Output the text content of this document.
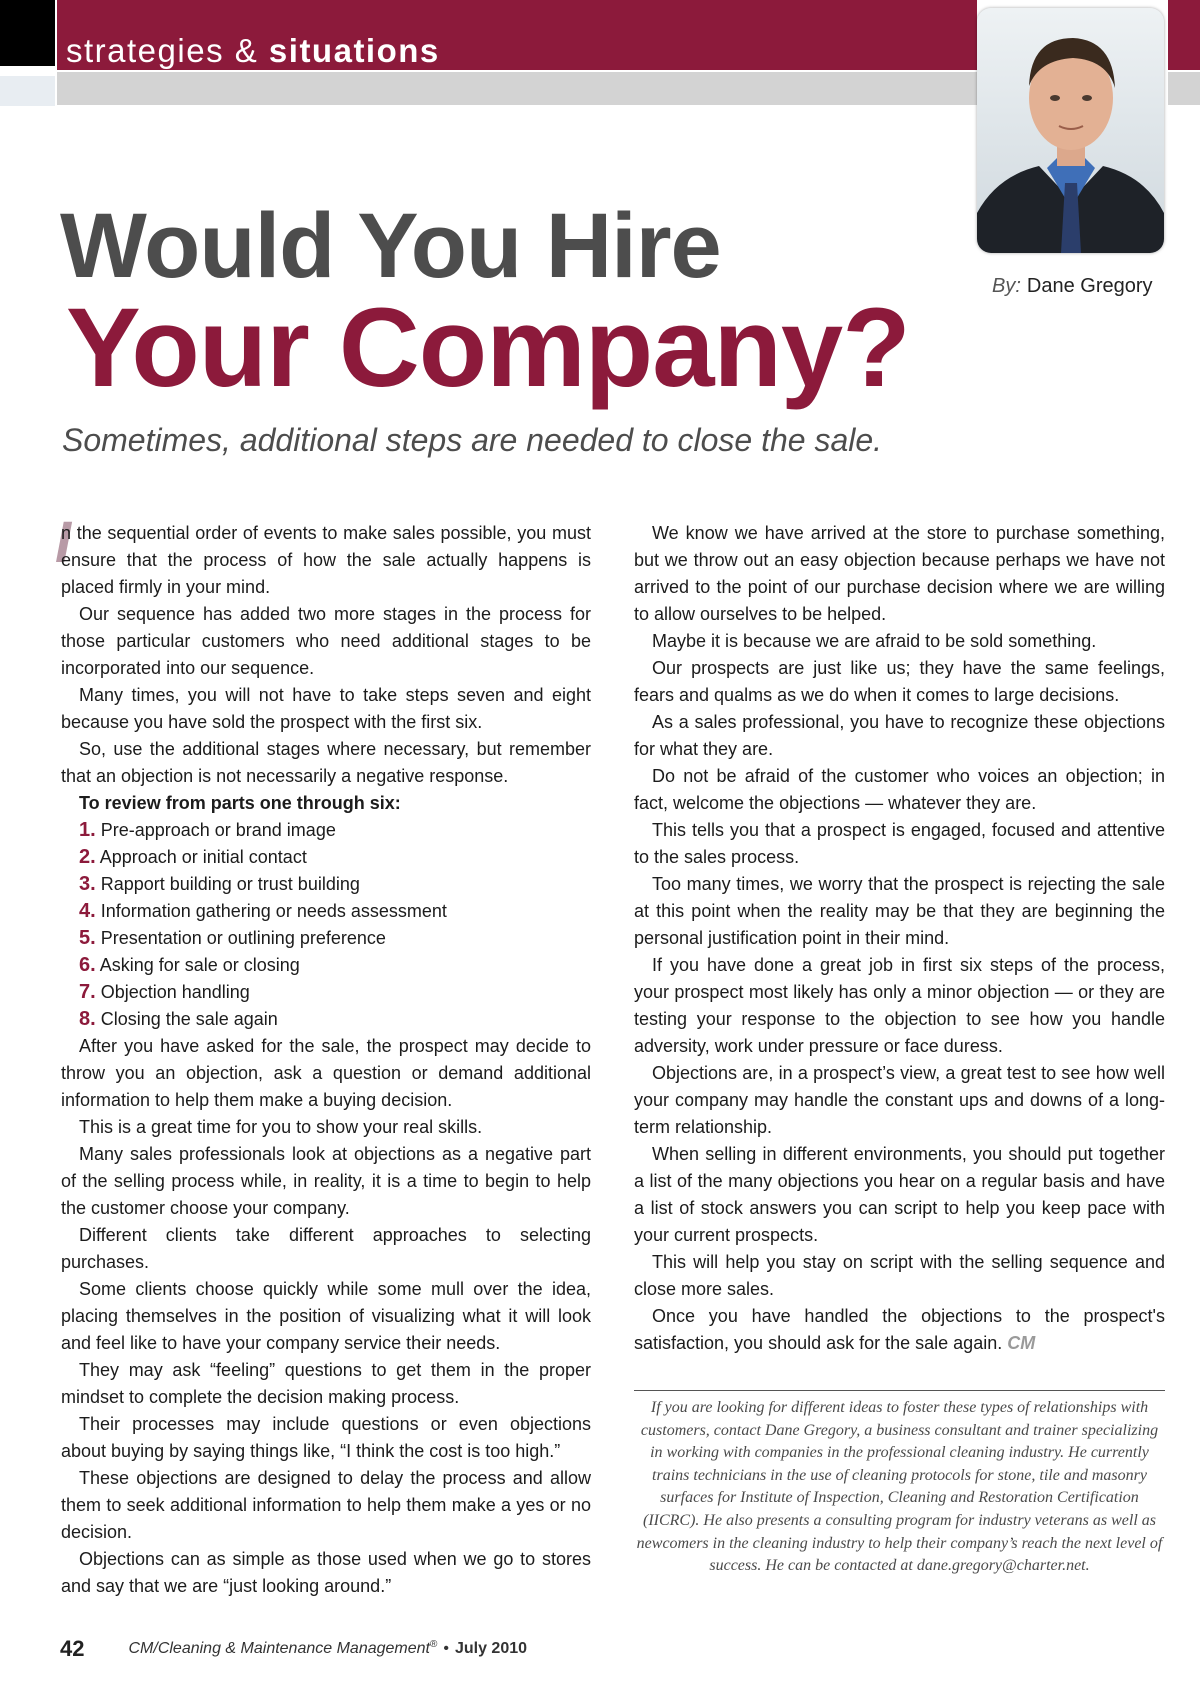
strategies & situations
By: Dane Gregory
Would You Hire
Your Company?
Sometimes, additional steps are needed to close the sale.

I
n the sequential order of events to make sales possible, you must ensure that the process of how the sale actually happens is placed firmly in your mind.

Our sequence has added two more stages in the process for those particular customers who need additional stages to be incorporated into our sequence.

Many times, you will not have to take steps seven and eight because you have sold the prospect with the first six.

So, use the additional stages where necessary, but remember that an objection is not necessarily a negative response.

To review from parts one through six:
1. Pre-approach or brand image
2. Approach or initial contact
3. Rapport building or trust building
4. Information gathering or needs assessment
5. Presentation or outlining preference
6. Asking for sale or closing
7. Objection handling
8. Closing the sale again

After you have asked for the sale, the prospect may decide to throw you an objection, ask a question or demand additional information to help them make a buying decision.

This is a great time for you to show your real skills.

Many sales professionals look at objections as a negative part of the selling process while, in reality, it is a time to begin to help the customer choose your company.

Different clients take different approaches to selecting purchases.

Some clients choose quickly while some mull over the idea, placing themselves in the position of visualizing what it will look and feel like to have your company service their needs.

They may ask “feeling” questions to get them in the proper mindset to complete the decision making process.

Their processes may include questions or even objections about buying by saying things like, “I think the cost is too high.”

These objections are designed to delay the process and allow them to seek additional information to help them make a yes or no decision.

Objections can as simple as those used when we go to stores and say that we are “just looking around.”

We know we have arrived at the store to purchase something, but we throw out an easy objection because perhaps we have not arrived to the point of our purchase decision where we are willing to allow ourselves to be helped.

Maybe it is because we are afraid to be sold something.

Our prospects are just like us; they have the same feelings, fears and qualms as we do when it comes to large decisions.

As a sales professional, you have to recognize these objections for what they are.

Do not be afraid of the customer who voices an objection; in fact, welcome the objections — whatever they are.

This tells you that a prospect is engaged, focused and attentive to the sales process.

Too many times, we worry that the prospect is rejecting the sale at this point when the reality may be that they are beginning the personal justification point in their mind.

If you have done a great job in first six steps of the process, your prospect most likely has only a minor objection — or they are testing your response to the objection to see how you handle adversity, work under pressure or face duress.

Objections are, in a prospect’s view, a great test to see how well your company may handle the constant ups and downs of a long-term relationship.

When selling in different environments, you should put together a list of the many objections you hear on a regular basis and have a list of stock answers you can script to help you keep pace with your current prospects.

This will help you stay on script with the selling sequence and close more sales.

Once you have handled the objections to the prospect's satisfaction, you should ask for the sale again. CM

If you are looking for different ideas to foster these types of relationships with customers, contact Dane Gregory, a business consultant and trainer specializing in working with companies in the professional cleaning industry. He currently trains technicians in the use of cleaning protocols for stone, tile and masonry surfaces for Institute of Inspection, Cleaning and Restoration Certification (IICRC). He also presents a consulting program for industry veterans as well as newcomers in the cleaning industry to help their company’s reach the next level of success. He can be contacted at dane.gregory@charter.net.
42	CM/Cleaning & Maintenance Management® • July 2010
